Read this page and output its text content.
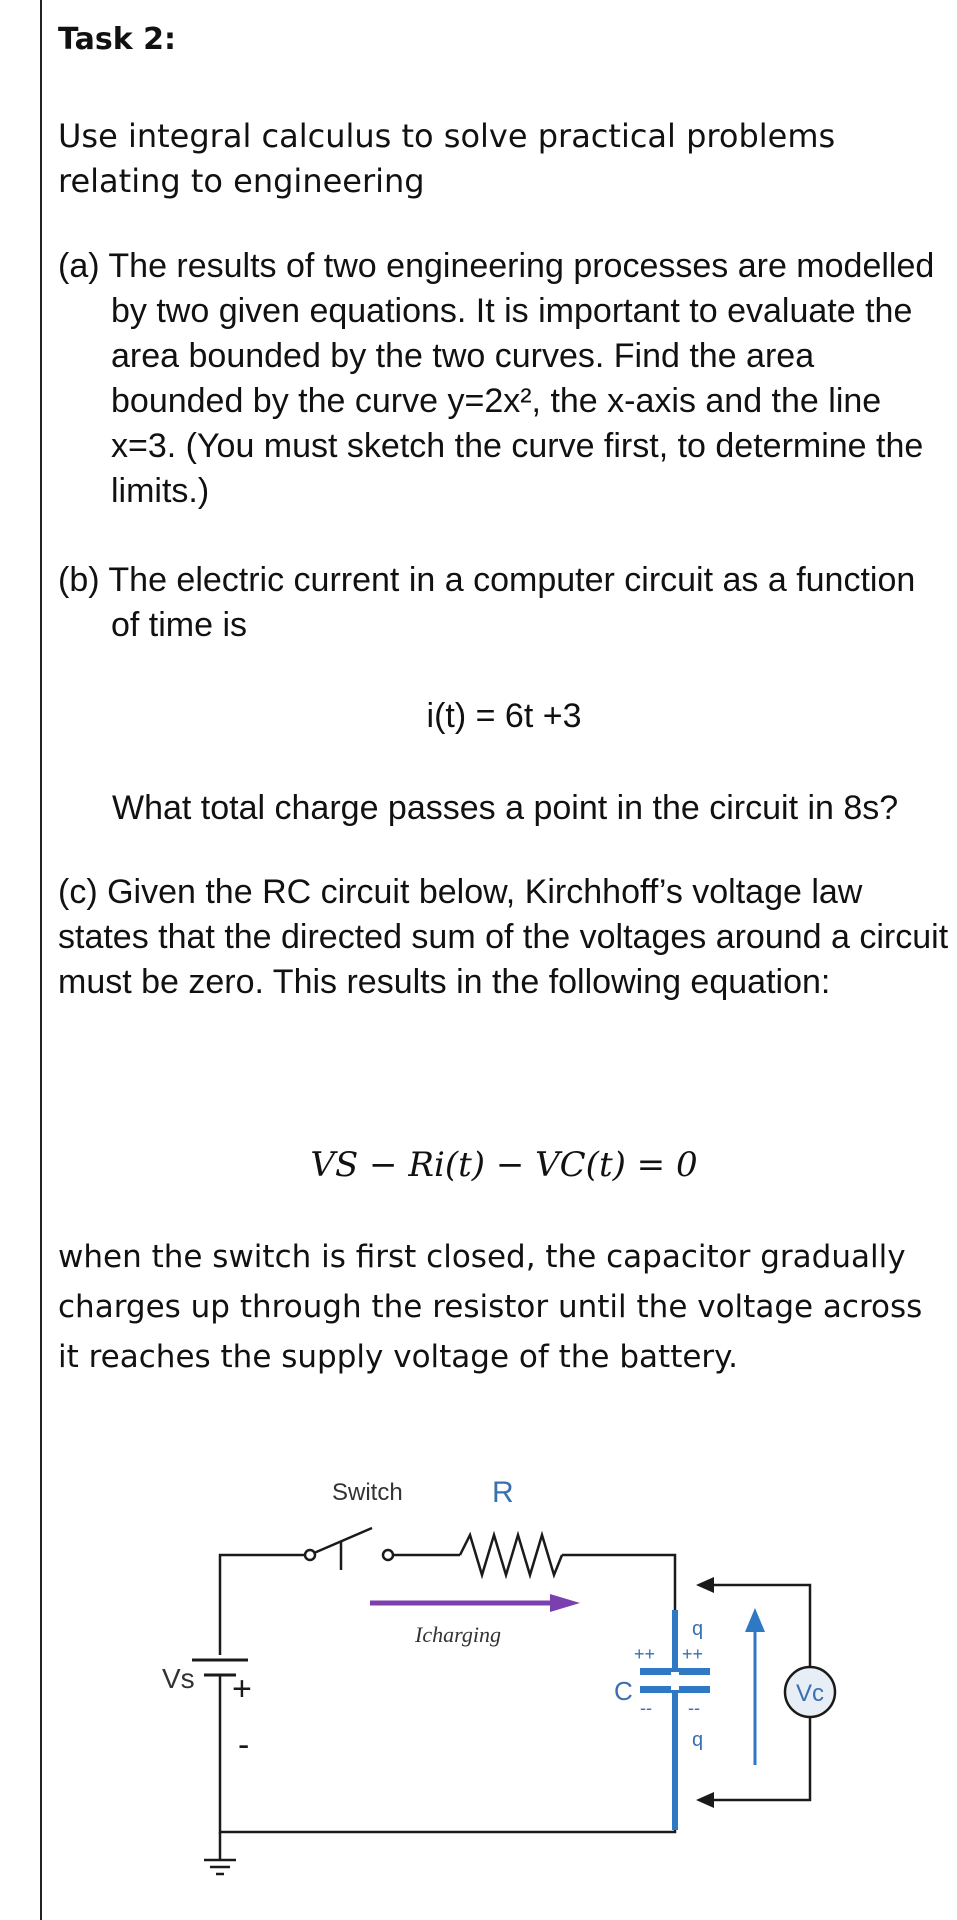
Task 2:

Use integral calculus to solve practical problems relating to engineering

(a) The results of two engineering processes are modelled by two given equations. It is important to evaluate the area bounded by the two curves. Find the area bounded by the curve y=2x², the x-axis and the line x=3. (You must sketch the curve first, to determine the limits.)

(b) The electric current in a computer circuit as a function of time is

i(t) = 6t +3

What total charge passes a point in the circuit in 8s?

(c) Given the RC circuit below, Kirchhoff’s voltage law states that the directed sum of the voltages around a circuit must be zero. This results in the following equation:

VS − Ri(t) − VC(t) = 0

when the switch is first closed, the capacitor gradually charges up through the resistor until the voltage across it reaches the supply voltage of the battery.

Switch	R
Icharging
Vs +
-
C
++ ++
-- --
q
q
Vc
